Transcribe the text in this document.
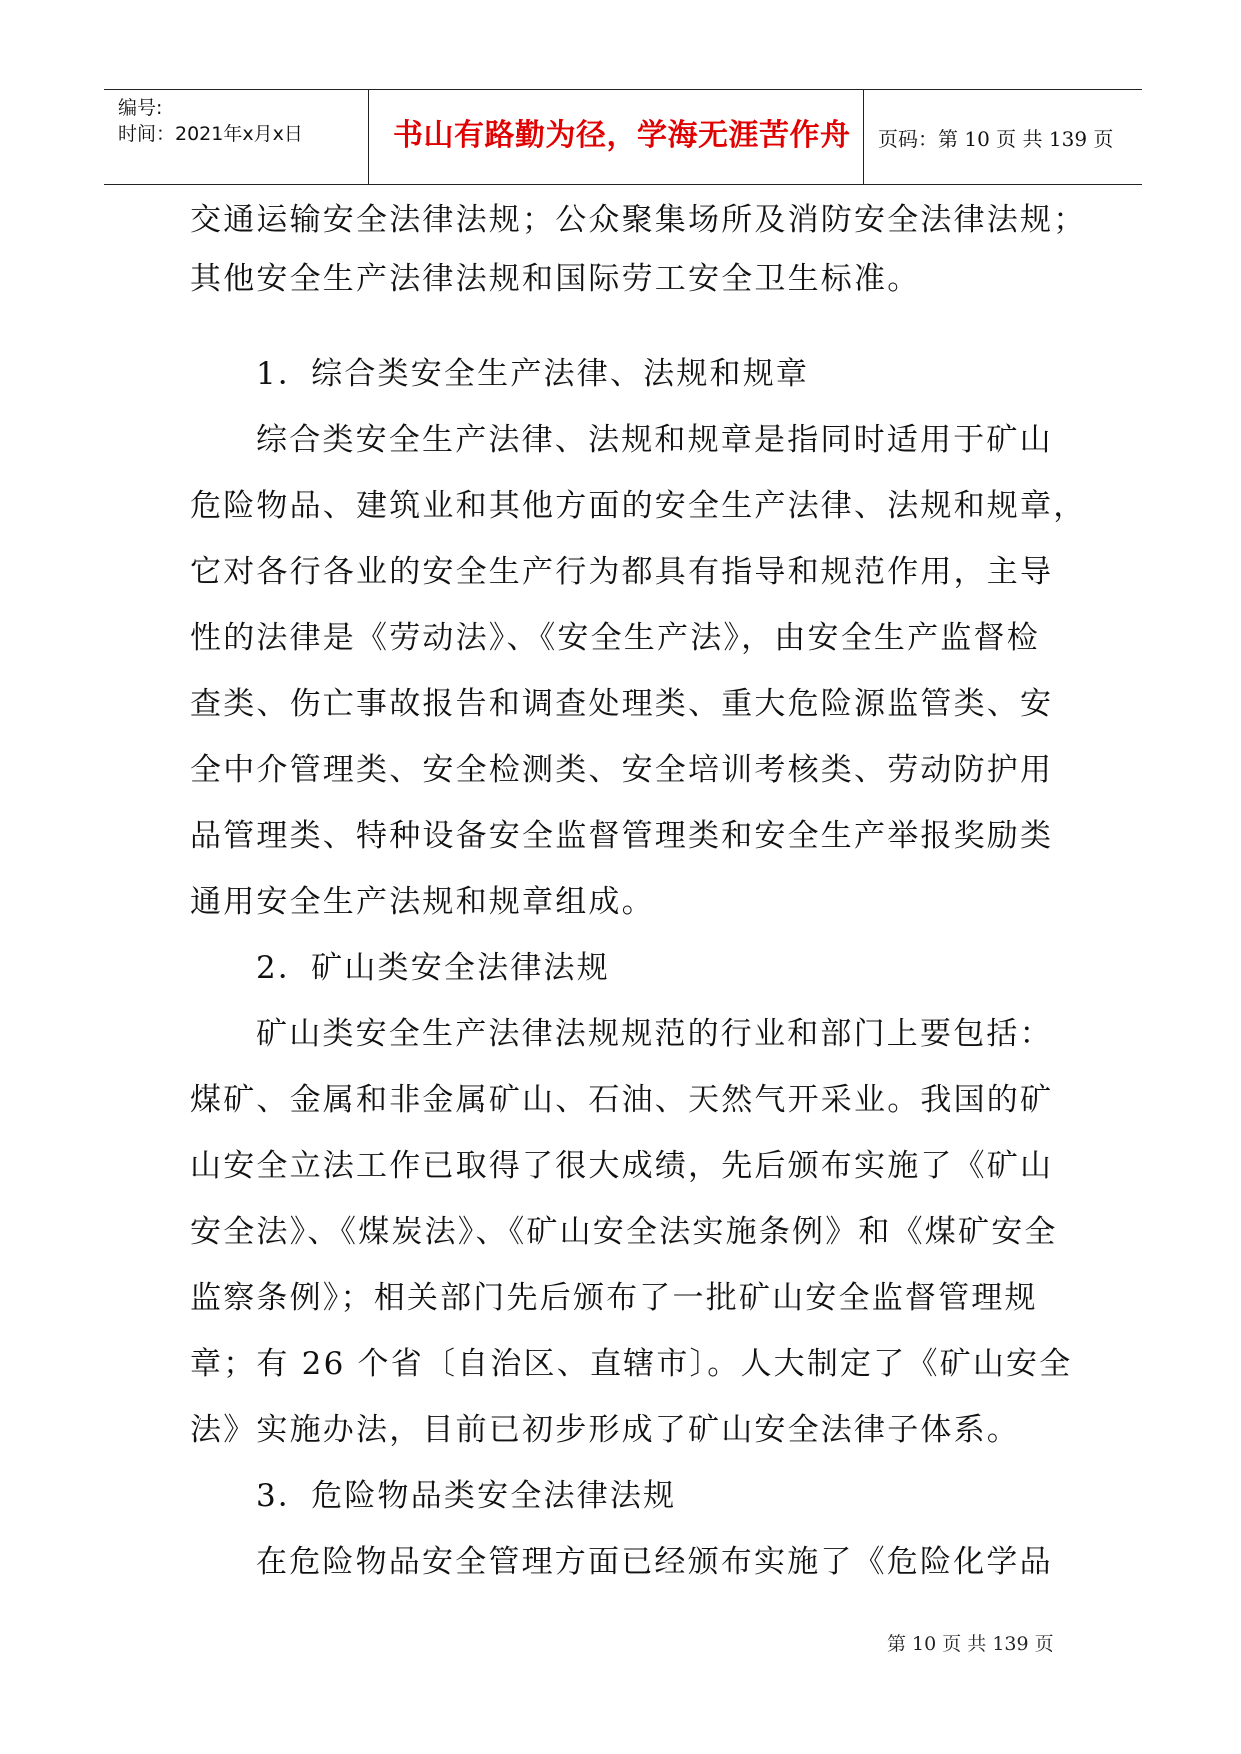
编号:
时间：2021年x月x日	书山有路勤为径，学海无涯苦作舟 页码：第 10 页 共 139 页
交通运输安全法律法规；公众聚集场所及消防安全法律法规；
其他安全生产法律法规和国际劳工安全卫生标准。
1．综合类安全生产法律、法规和规章
综合类安全生产法律、法规和规章是指同时适用于矿山
危险物品、建筑业和其他方面的安全生产法律、法规和规章，
它对各行各业的安全生产行为都具有指导和规范作用，主导
性的法律是《劳动法》、《安全生产法》，由安全生产监督检
查类、伤亡事故报告和调查处理类、重大危险源监管类、安
全中介管理类、安全检测类、安全培训考核类、劳动防护用
品管理类、特种设备安全监督管理类和安全生产举报奖励类
通用安全生产法规和规章组成。
2．矿山类安全法律法规
矿山类安全生产法律法规规范的行业和部门上要包括：
煤矿、金属和非金属矿山、石油、天然气开采业。我国的矿
山安全立法工作已取得了很大成绩，先后颁布实施了《矿山
安全法》、《煤炭法》、《矿山安全法实施条例》和《煤矿安全
监察条例》；相关部门先后颁布了一批矿山安全监督管理规
章；有 26 个省〔自治区、直辖市〕。人大制定了《矿山安全
法》实施办法，目前已初步形成了矿山安全法律子体系。
3．危险物品类安全法律法规
在危险物品安全管理方面已经颁布实施了《危险化学品
第 10 页 共 139 页
